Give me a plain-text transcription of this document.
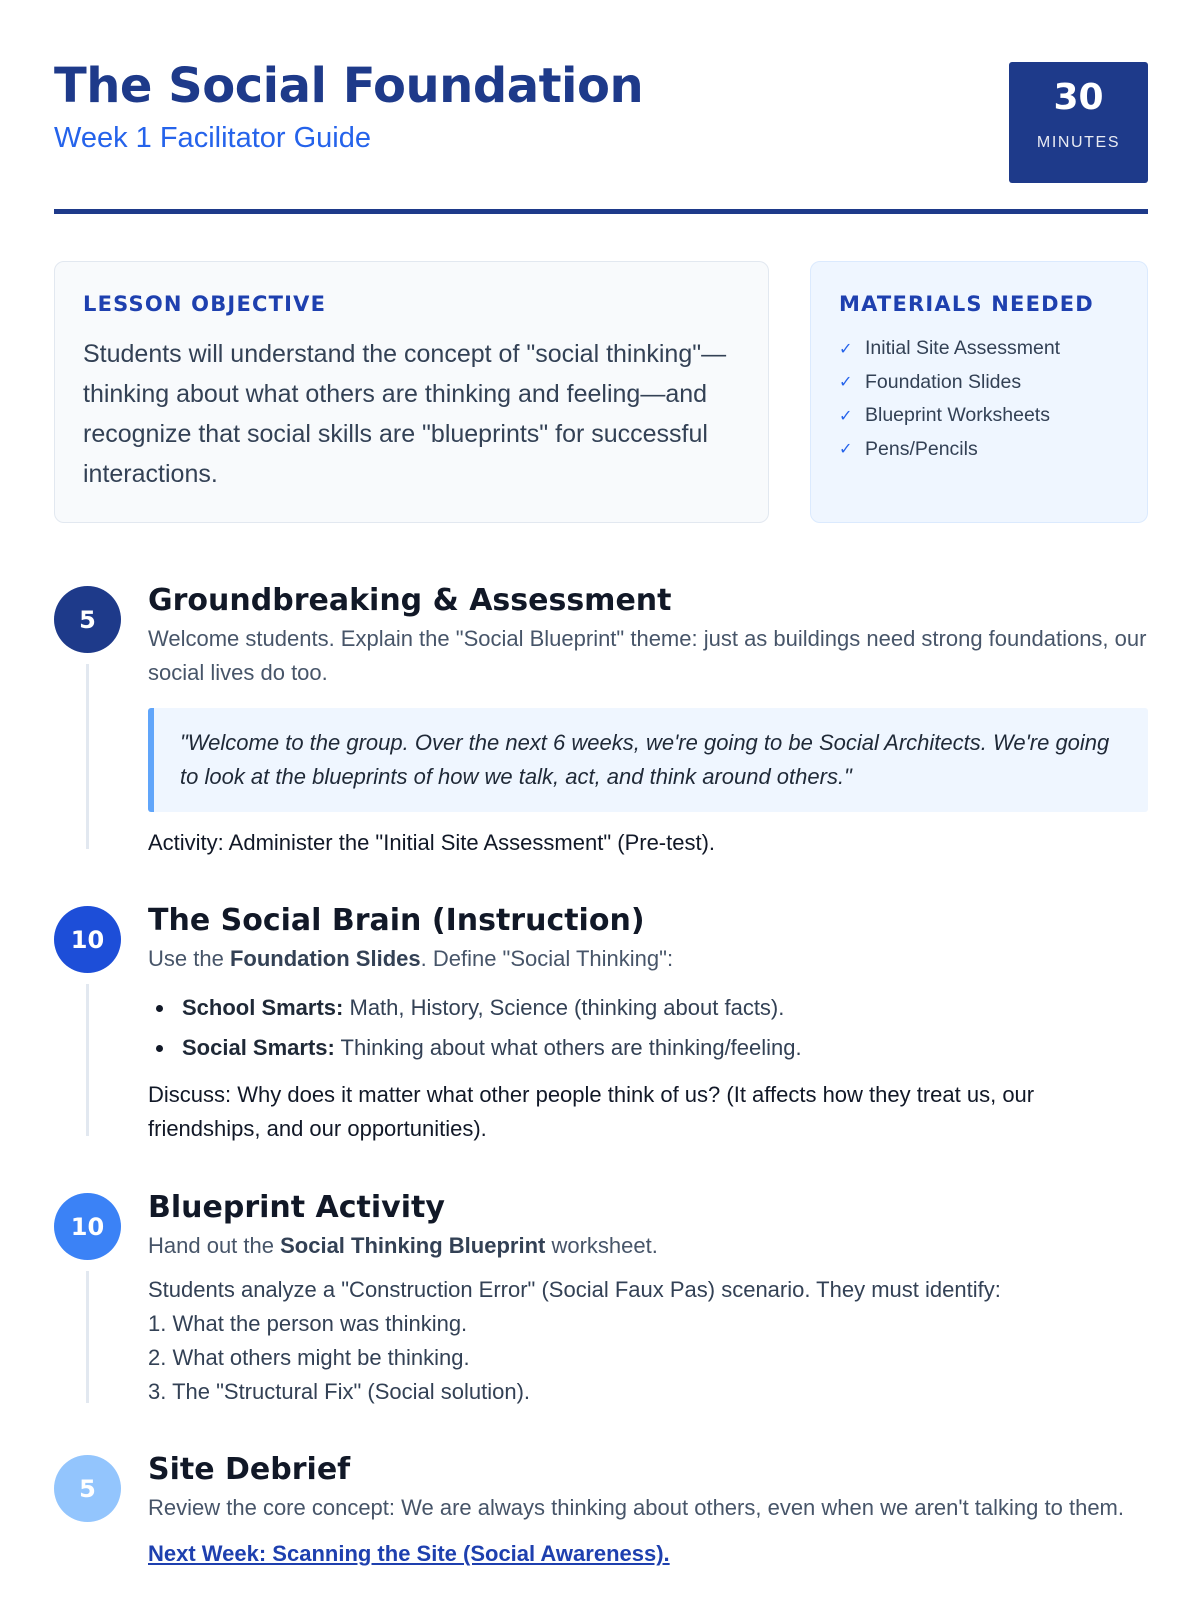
The Social Foundation
Week 1 Facilitator Guide
30
MINUTES
LESSON OBJECTIVE
Students will understand the concept of "social thinking"—thinking about what others are thinking and feeling—and recognize that social skills are "blueprints" for successful interactions.
MATERIALS NEEDED
✓ Initial Site Assessment
✓ Foundation Slides
✓ Blueprint Worksheets
✓ Pens/Pencils
5
Groundbreaking & Assessment
Welcome students. Explain the "Social Blueprint" theme: just as buildings need strong foundations, our social lives do too.
"Welcome to the group. Over the next 6 weeks, we're going to be Social Architects. We're going to look at the blueprints of how we talk, act, and think around others."
Activity: Administer the "Initial Site Assessment" (Pre-test).
10
The Social Brain (Instruction)
Use the Foundation Slides. Define "Social Thinking":
School Smarts: Math, History, Science (thinking about facts).
Social Smarts: Thinking about what others are thinking/feeling.
Discuss: Why does it matter what other people think of us? (It affects how they treat us, our friendships, and our opportunities).
10
Blueprint Activity
Hand out the Social Thinking Blueprint worksheet.
Students analyze a "Construction Error" (Social Faux Pas) scenario. They must identify:
1. What the person was thinking.
2. What others might be thinking.
3. The "Structural Fix" (Social solution).
5
Site Debrief
Review the core concept: We are always thinking about others, even when we aren't talking to them.
Next Week: Scanning the Site (Social Awareness).
